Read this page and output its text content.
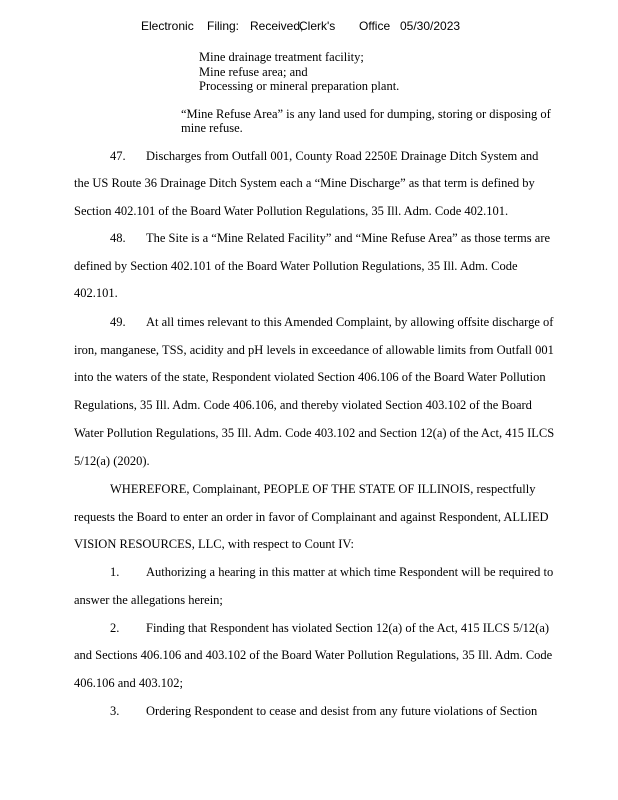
Electronic Filing: Received,
Clerk's Office 05/30/2023
Mine drainage treatment facility;
Mine refuse area; and
Processing or mineral preparation plant.
“Mine Refuse Area” is any land used for dumping, storing or disposing of
mine refuse.
47. Discharges from Outfall 001, County Road 2250E Drainage Ditch System and
the US Route 36 Drainage Ditch System each a “Mine Discharge” as that term is defined by
Section 402.101 of the Board Water Pollution Regulations, 35 Ill. Adm. Code 402.101.
48. The Site is a “Mine Related Facility” and “Mine Refuse Area” as those terms are
defined by Section 402.101 of the Board Water Pollution Regulations, 35 Ill. Adm. Code
402.101.
49. At all times relevant to this Amended Complaint, by allowing offsite discharge of
iron, manganese, TSS, acidity and pH levels in exceedance of allowable limits from Outfall 001
into the waters of the state, Respondent violated Section 406.106 of the Board Water Pollution
Regulations, 35 Ill. Adm. Code 406.106, and thereby violated Section 403.102 of the Board
Water Pollution Regulations, 35 Ill. Adm. Code 403.102 and Section 12(a) of the Act, 415 ILCS
5/12(a) (2020).
WHEREFORE, Complainant, PEOPLE OF THE STATE OF ILLINOIS, respectfully
requests the Board to enter an order in favor of Complainant and against Respondent, ALLIED
VISION RESOURCES, LLC, with respect to Count IV:
1. Authorizing a hearing in this matter at which time Respondent will be required to
answer the allegations herein;
2. Finding that Respondent has violated Section 12(a) of the Act, 415 ILCS 5/12(a)
and Sections 406.106 and 403.102 of the Board Water Pollution Regulations, 35 Ill. Adm. Code
406.106 and 403.102;
3. Ordering Respondent to cease and desist from any future violations of Section
